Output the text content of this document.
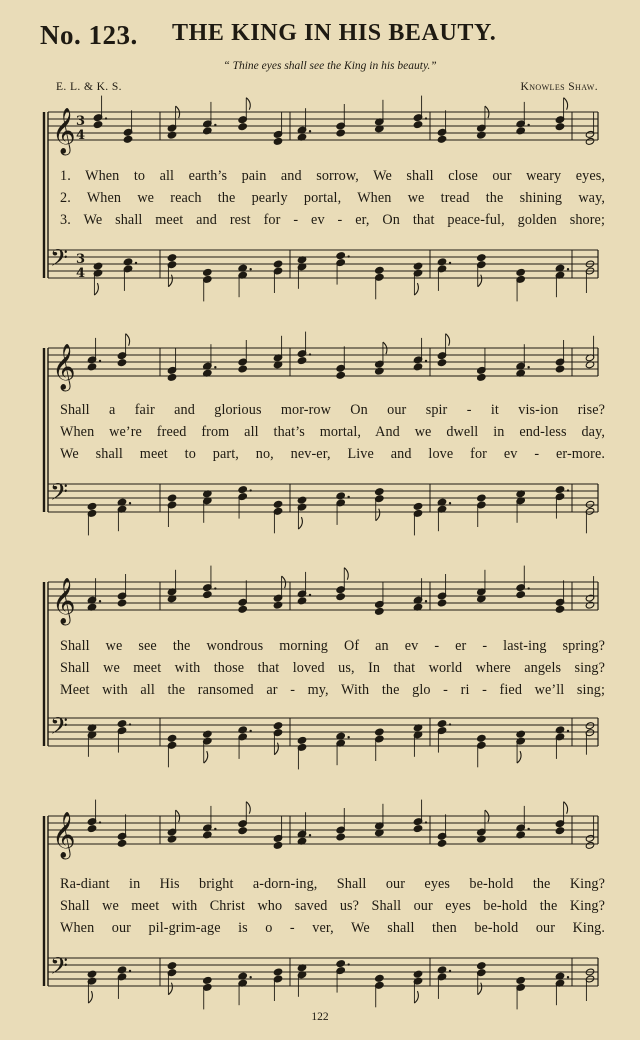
No. 123. THE KING IN HIS BEAUTY.
“ Thine eyes shall see the King in his beauty.”
E. L. & K. S.	Knowles Shaw.
𝄞 3
4
𝄢 3
4
1. When to all earth’s pain and sorrow, We shall close our weary eyes,
2. When we reach the pearly portal, When we tread the shining way,
3. We shall meet and rest for - ev - er, On that peace-ful, golden shore;
𝄞
𝄢
Shall a fair and glorious mor-row On our spir - it vis-ion rise?
When we’re freed from all that’s mortal, And we dwell in end-less day,
We shall meet to part, no, nev-er, Live and love for ev - er-more.
𝄞
𝄢
Shall we see the wondrous morning Of an ev - er - last-ing spring?
Shall we meet with those that loved us, In that world where angels sing?
Meet with all the ransomed ar - my, With the glo - ri - fied we’ll sing;
𝄞
𝄢
Ra-diant in His bright a-dorn-ing, Shall our eyes be-hold the King?
Shall we meet with Christ who saved us? Shall our eyes be-hold the King?
When our pil-grim-age is o - ver, We shall then be-hold our King.
122
